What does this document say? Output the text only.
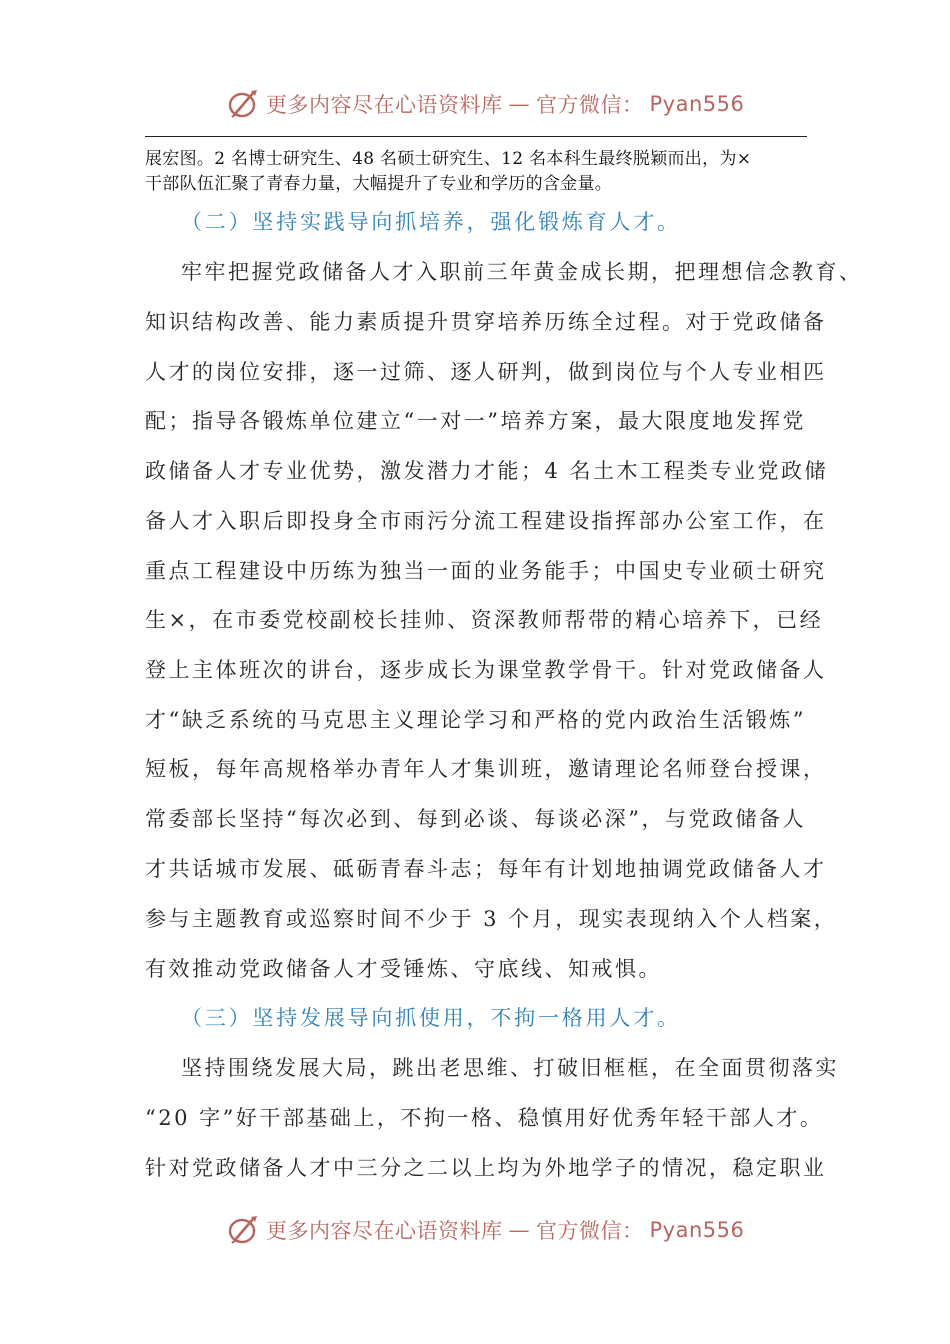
更多内容尽在心语资料库 — 官方微信： Pyan556
展宏图。2 名博士研究生、48 名硕士研究生、12 名本科生最终脱颖而出，为×
干部队伍汇聚了青春力量，大幅提升了专业和学历的含金量。
（二）坚持实践导向抓培养，强化锻炼育人才。
牢牢把握党政储备人才入职前三年黄金成长期，把理想信念教育、
知识结构改善、能力素质提升贯穿培养历练全过程。对于党政储备
人才的岗位安排，逐一过筛、逐人研判，做到岗位与个人专业相匹
配；指导各锻炼单位建立“一对一”培养方案，最大限度地发挥党
政储备人才专业优势，激发潜力才能；4 名土木工程类专业党政储
备人才入职后即投身全市雨污分流工程建设指挥部办公室工作，在
重点工程建设中历练为独当一面的业务能手；中国史专业硕士研究
生×，在市委党校副校长挂帅、资深教师帮带的精心培养下，已经
登上主体班次的讲台，逐步成长为课堂教学骨干。针对党政储备人
才“缺乏系统的马克思主义理论学习和严格的党内政治生活锻炼”
短板，每年高规格举办青年人才集训班，邀请理论名师登台授课，
常委部长坚持“每次必到、每到必谈、每谈必深”，与党政储备人
才共话城市发展、砥砺青春斗志；每年有计划地抽调党政储备人才
参与主题教育或巡察时间不少于 3 个月，现实表现纳入个人档案，
有效推动党政储备人才受锤炼、守底线、知戒惧。
（三）坚持发展导向抓使用，不拘一格用人才。
坚持围绕发展大局，跳出老思维、打破旧框框，在全面贯彻落实
“20 字”好干部基础上，不拘一格、稳慎用好优秀年轻干部人才。
针对党政储备人才中三分之二以上均为外地学子的情况，稳定职业
更多内容尽在心语资料库 — 官方微信： Pyan556
